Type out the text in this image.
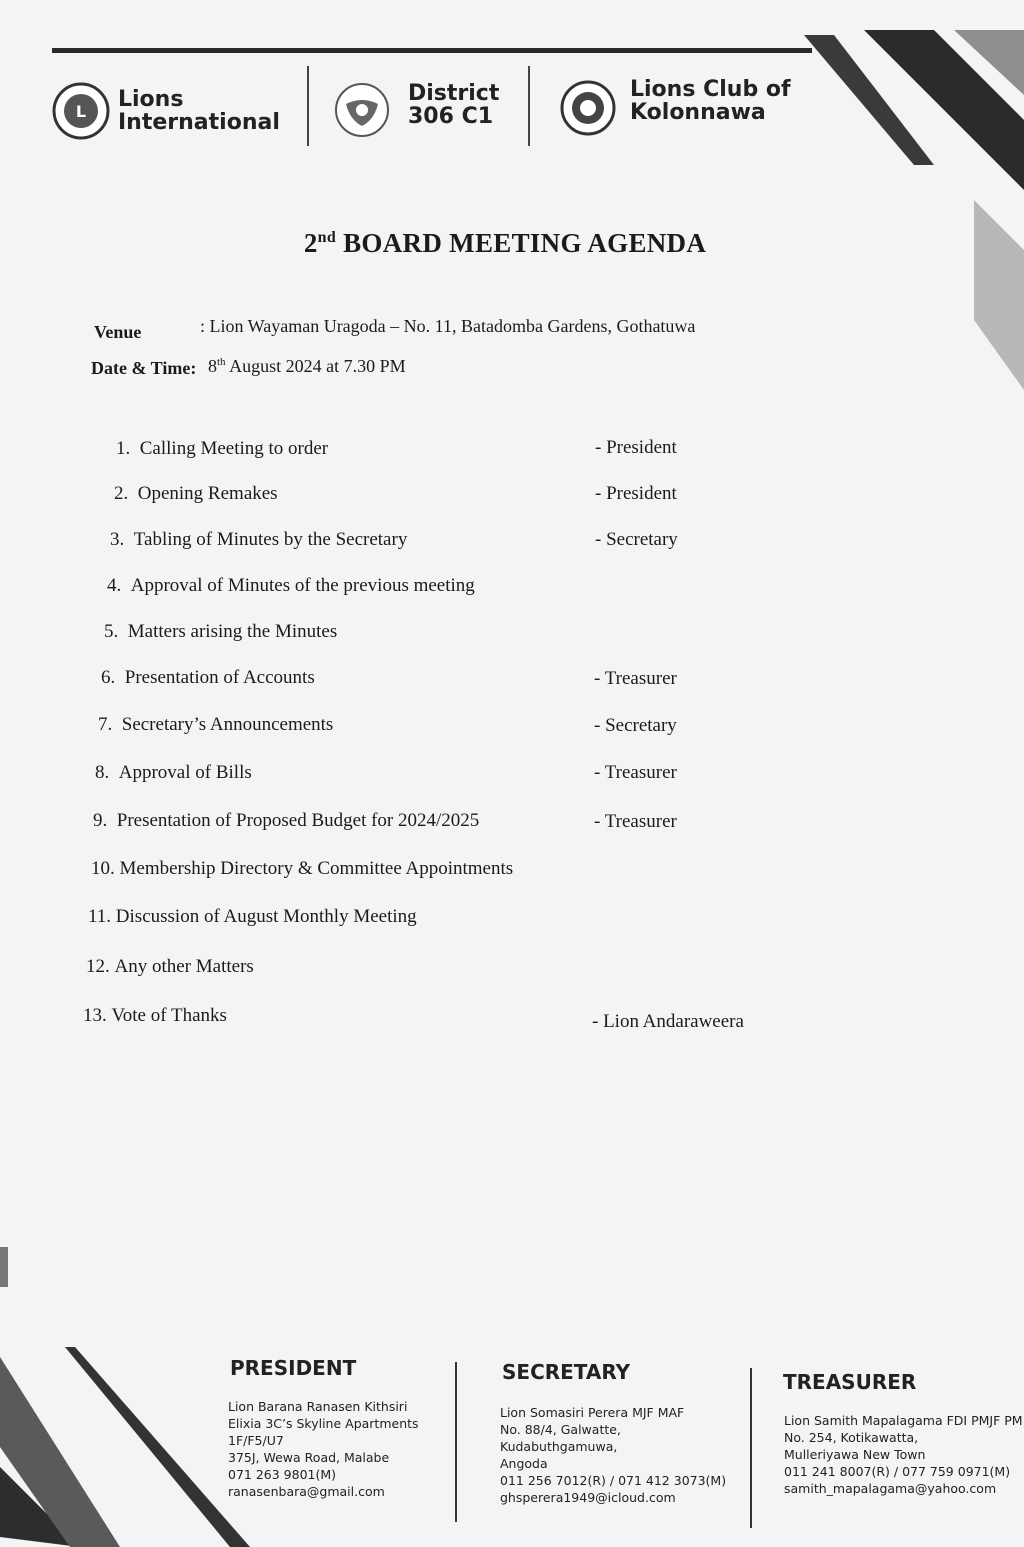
L Lions
International
District
306 C1
Lions Club of
Kolonnawa
2nd BOARD MEETING AGENDA
Venue	: Lion Wayaman Uragoda – No. 11, Batadomba Gardens, Gothatuwa
Date & Time: 8th August 2024 at 7.30 PM
1. Calling Meeting to order	- President
2. Opening Remakes	- President
3. Tabling of Minutes by the Secretary	- Secretary
4. Approval of Minutes of the previous meeting
5. Matters arising the Minutes
6. Presentation of Accounts	- Treasurer
7. Secretary’s Announcements	- Secretary
8. Approval of Bills	- Treasurer
9. Presentation of Proposed Budget for 2024/2025	- Treasurer
10. Membership Directory & Committee Appointments
11. Discussion of August Monthly Meeting
12. Any other Matters
13. Vote of Thanks	- Lion Andaraweera
PRESIDENT
Lion Barana Ranasen Kithsiri
Elixia 3C’s Skyline Apartments
1F/F5/U7
375J, Wewa Road, Malabe
071 263 9801(M)
ranasenbara@gmail.com
SECRETARY
Lion Somasiri Perera MJF MAF
No. 88/4, Galwatte,
Kudabuthgamuwa,
Angoda
011 256 7012(R) / 071 412 3073(M)
ghsperera1949@icloud.com
TREASURER
Lion Samith Mapalagama FDI PMJF PM
No. 254, Kotikawatta,
Mulleriyawa New Town
011 241 8007(R) / 077 759 0971(M)
samith_mapalagama@yahoo.com
